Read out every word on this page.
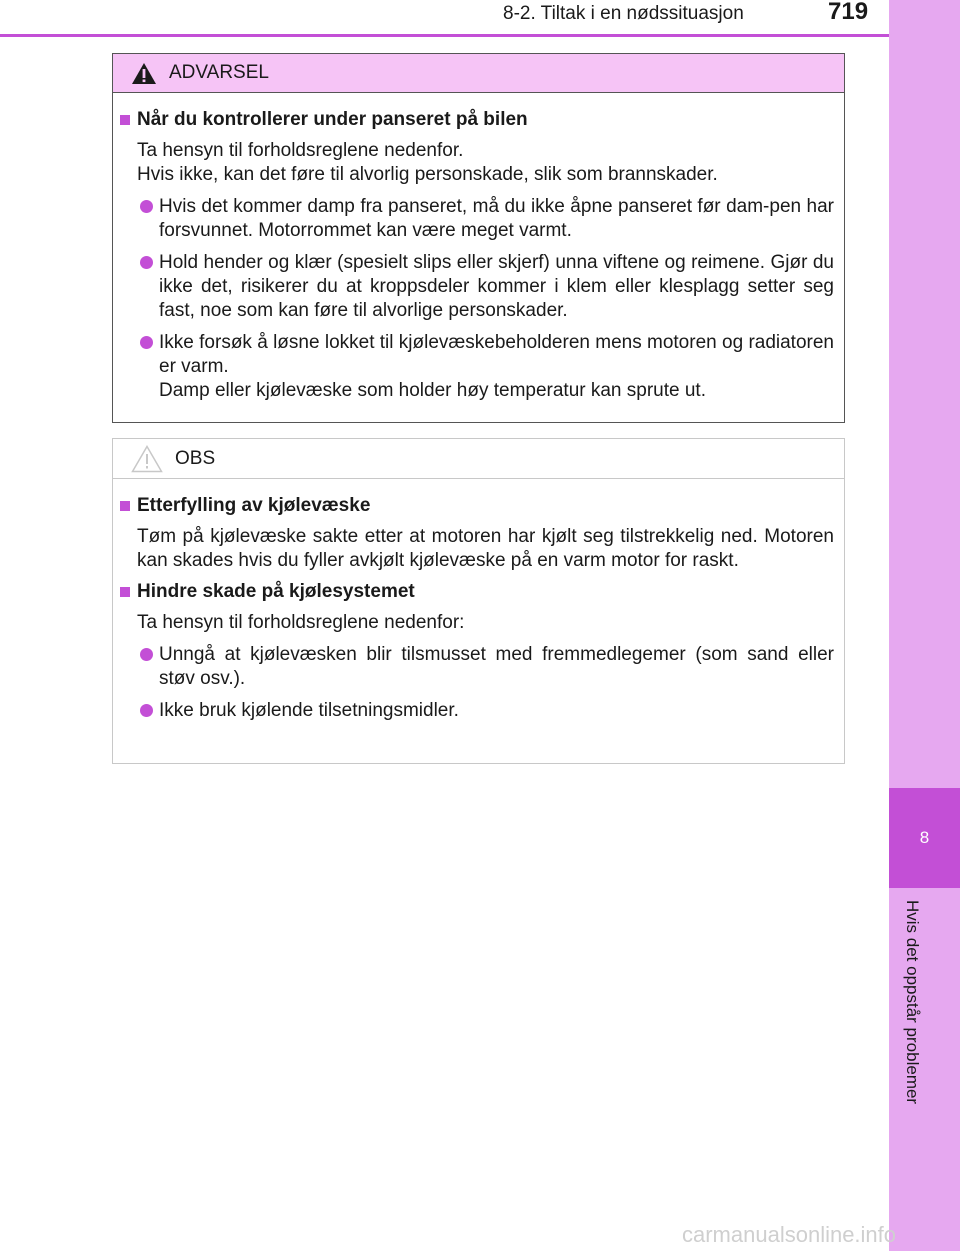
8
Hvis det oppstår problemer
8-2. Tiltak i en nødssituasjon	719
ADVARSEL
Når du kontrollerer under panseret på bilen

Ta hensyn til forholdsreglene nedenfor.

Hvis ikke, kan det føre til alvorlig personskade, slik som brannskader.

Hvis det kommer damp fra panseret, må du ikke åpne panseret før dam-pen har forsvunnet. Motorrommet kan være meget varmt.
Hold hender og klær (spesielt slips eller skjerf) unna viftene og reimene. Gjør du ikke det, risikerer du at kroppsdeler kommer i klem eller klesplagg setter seg fast, noe som kan føre til alvorlige personskader.
Ikke forsøk å løsne lokket til kjølevæskebeholderen mens motoren og radiatoren er varm.
Damp eller kjølevæske som holder høy temperatur kan sprute ut.
OBS
Etterfylling av kjølevæske

Tøm på kjølevæske sakte etter at motoren har kjølt seg tilstrekkelig ned. Motoren kan skades hvis du fyller avkjølt kjølevæske på en varm motor for raskt.

Hindre skade på kjølesystemet

Ta hensyn til forholdsreglene nedenfor:

Unngå at kjølevæsken blir tilsmusset med fremmedlegemer (som sand eller støv osv.).
Ikke bruk kjølende tilsetningsmidler.
carmanualsonline.info
